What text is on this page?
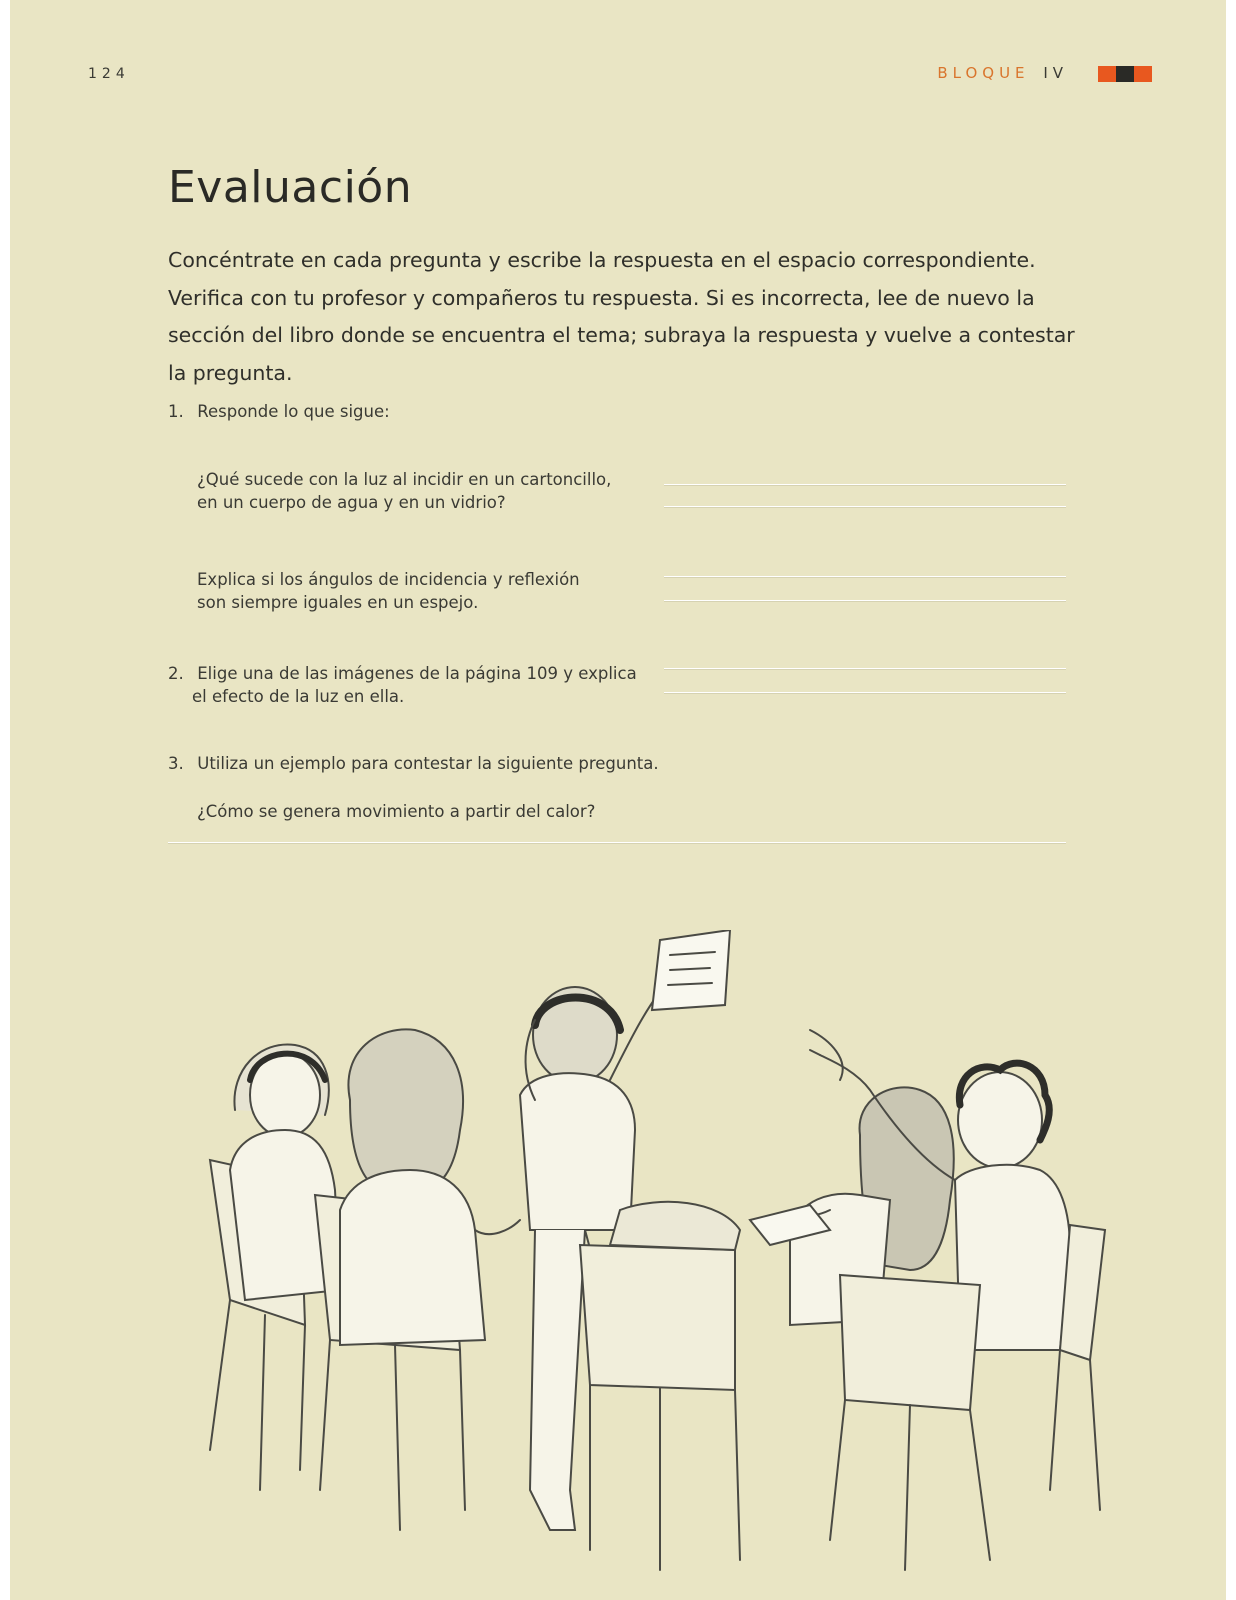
124	BLOQUE IV
Evaluación

Concéntrate en cada pregunta y escribe la respuesta en el espacio correspondiente. Verifica con tu profesor y compañeros tu respuesta. Si es incorrecta, lee de nuevo la sección del libro donde se encuentra el tema; subraya la respuesta y vuelve a contestar la pregunta.

1. Responde lo que sigue:
¿Qué sucede con la luz al incidir en un cartoncillo,
en un cuerpo de agua y en un vidrio?
Explica si los ángulos de incidencia y reflexión
son siempre iguales en un espejo.
2. Elige una de las imágenes de la página 109 y explica
el efecto de la luz en ella.
3. Utiliza un ejemplo para contestar la siguiente pregunta.
¿Cómo se genera movimiento a partir del calor?
